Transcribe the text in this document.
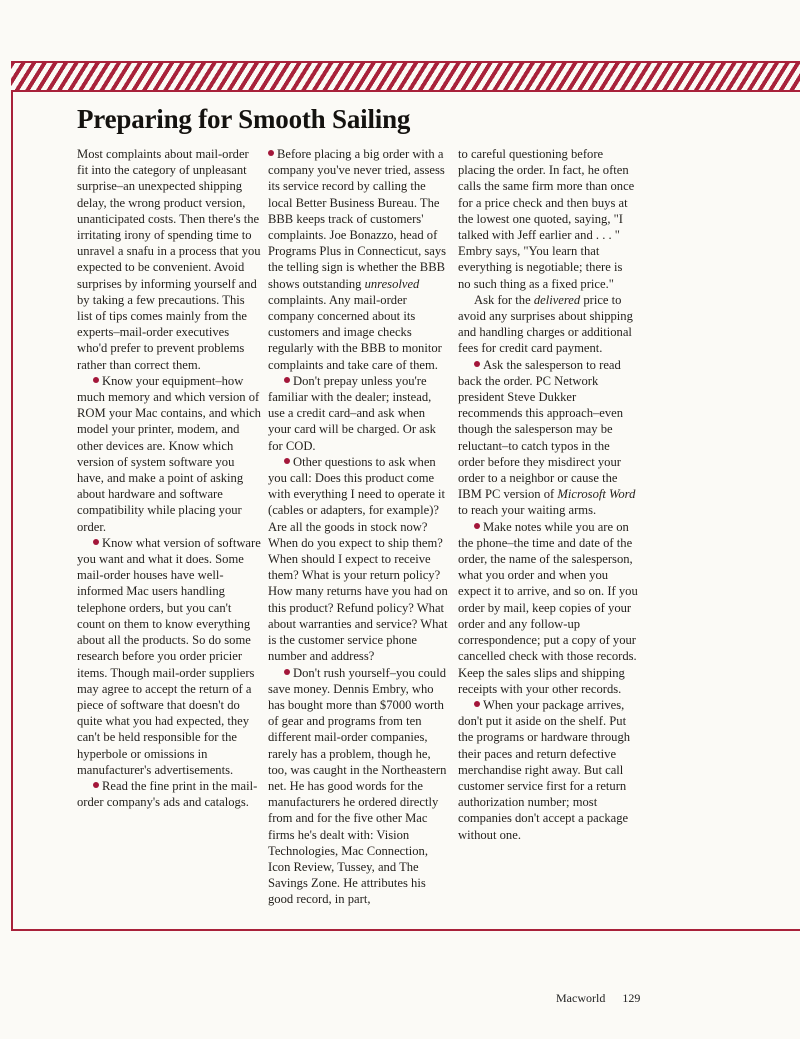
Preparing for Smooth Sailing

Most complaints about mail-order fit into the category of unpleasant surprise–an unexpected shipping delay, the wrong product version, unanticipated costs. Then there's the irritating irony of spending time to unravel a snafu in a process that you expected to be convenient. Avoid surprises by informing yourself and by taking a few precautions. This list of tips comes mainly from the experts–mail-order executives who'd prefer to prevent problems rather than correct them.

Know your equipment–how much memory and which version of ROM your Mac contains, and which model your printer, modem, and other devices are. Know which version of system software you have, and make a point of asking about hardware and software compatibility while placing your order.

Know what version of software you want and what it does. Some mail-order houses have well-informed Mac users handling telephone orders, but you can't count on them to know everything about all the products. So do some research before you order pricier items. Though mail-order suppliers may agree to accept the return of a piece of software that doesn't do quite what you had expected, they can't be held responsible for the hyperbole or omissions in manufacturer's advertisements.

Read the fine print in the mail-order company's ads and catalogs.

Before placing a big order with a company you've never tried, assess its service record by calling the local Better Business Bureau. The BBB keeps track of customers' complaints. Joe Bonazzo, head of Programs Plus in Connecticut, says the telling sign is whether the BBB shows outstanding unresolved complaints. Any mail-order company concerned about its customers and image checks regularly with the BBB to monitor complaints and take care of them.

Don't prepay unless you're familiar with the dealer; instead, use a credit card–and ask when your card will be charged. Or ask for COD.

Other questions to ask when you call: Does this product come with everything I need to operate it (cables or adapters, for example)? Are all the goods in stock now? When do you expect to ship them? When should I expect to receive them? What is your return policy? How many returns have you had on this product? Refund policy? What about warranties and service? What is the customer service phone number and address?

Don't rush yourself–you could save money. Dennis Embry, who has bought more than $7000 worth of gear and programs from ten different mail-order companies, rarely has a problem, though he, too, was caught in the Northeastern net. He has good words for the manufacturers he ordered directly from and for the five other Mac firms he's dealt with: Vision Technologies, Mac Connection, Icon Review, Tussey, and The Savings Zone. He attributes his good record, in part,

to careful questioning before placing the order. In fact, he often calls the same firm more than once for a price check and then buys at the lowest one quoted, saying, "I talked with Jeff earlier and . . . " Embry says, "You learn that everything is negotiable; there is no such thing as a fixed price."

Ask for the delivered price to avoid any surprises about shipping and handling charges or additional fees for credit card payment.

Ask the salesperson to read back the order. PC Network president Steve Dukker recommends this approach–even though the salesperson may be reluctant–to catch typos in the order before they misdirect your order to a neighbor or cause the IBM PC version of Microsoft Word to reach your waiting arms.

Make notes while you are on the phone–the time and date of the order, the name of the salesperson, what you order and when you expect it to arrive, and so on. If you order by mail, keep copies of your order and any follow-up correspondence; put a copy of your cancelled check with those records. Keep the sales slips and shipping receipts with your other records.

When your package arrives, don't put it aside on the shelf. Put the programs or hardware through their paces and return defective merchandise right away. But call customer service first for a return authorization number; most companies don't accept a package without one.

Macworld 129
